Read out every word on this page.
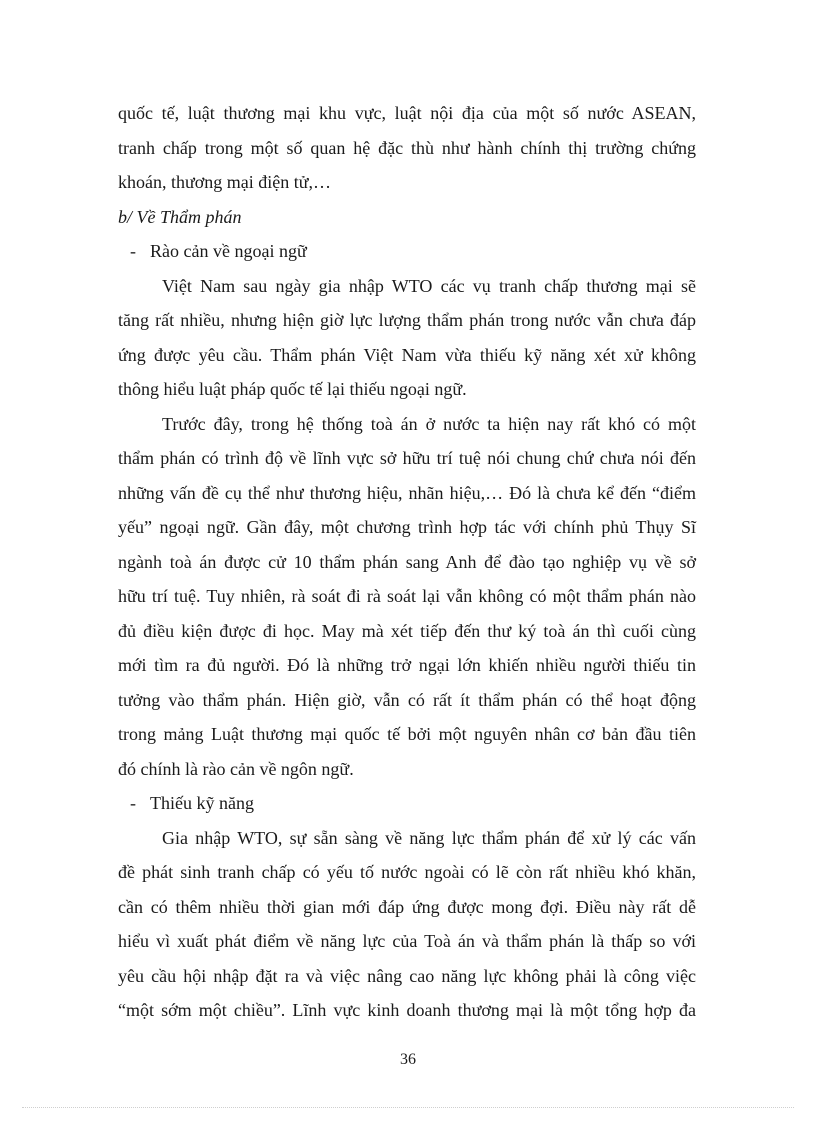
quốc tế, luật thương mại khu vực, luật nội địa của một số nước ASEAN,
tranh chấp trong một số quan hệ đặc thù như hành chính thị trường chứng
khoán, thương mại điện tử,…
b/ Về Thẩm phán
- Rào cản về ngoại ngữ
Việt Nam sau ngày gia nhập WTO các vụ tranh chấp thương mại sẽ
tăng rất nhiều, nhưng hiện giờ lực lượng thẩm phán trong nước vẫn chưa đáp
ứng được yêu cầu. Thẩm phán Việt Nam vừa thiếu kỹ năng xét xử không
thông hiểu luật pháp quốc tế lại thiếu ngoại ngữ.
Trước đây, trong hệ thống toà án ở nước ta hiện nay rất khó có một
thẩm phán có trình độ về lĩnh vực sở hữu trí tuệ nói chung chứ chưa nói đến
những vấn đề cụ thể như thương hiệu, nhãn hiệu,… Đó là chưa kể đến “điểm
yếu” ngoại ngữ. Gần đây, một chương trình hợp tác với chính phủ Thụy Sĩ
ngành toà án được cử 10 thẩm phán sang Anh để đào tạo nghiệp vụ về sở
hữu trí tuệ. Tuy nhiên, rà soát đi rà soát lại vẫn không có một thẩm phán nào
đủ điều kiện được đi học. May mà xét tiếp đến thư ký toà án thì cuối cùng
mới tìm ra đủ người. Đó là những trở ngại lớn khiến nhiều người thiếu tin
tưởng vào thẩm phán. Hiện giờ, vẫn có rất ít thẩm phán có thể hoạt động
trong mảng Luật thương mại quốc tế bởi một nguyên nhân cơ bản đầu tiên
đó chính là rào cản về ngôn ngữ.
- Thiếu kỹ năng
Gia nhập WTO, sự sẵn sàng về năng lực thẩm phán để xử lý các vấn
đề phát sinh tranh chấp có yếu tố nước ngoài có lẽ còn rất nhiều khó khăn,
cần có thêm nhiều thời gian mới đáp ứng được mong đợi. Điều này rất dễ
hiểu vì xuất phát điểm về năng lực của Toà án và thẩm phán là thấp so với
yêu cầu hội nhập đặt ra và việc nâng cao năng lực không phải là công việc
“một sớm một chiều”. Lĩnh vực kinh doanh thương mại là một tổng hợp đa
36
